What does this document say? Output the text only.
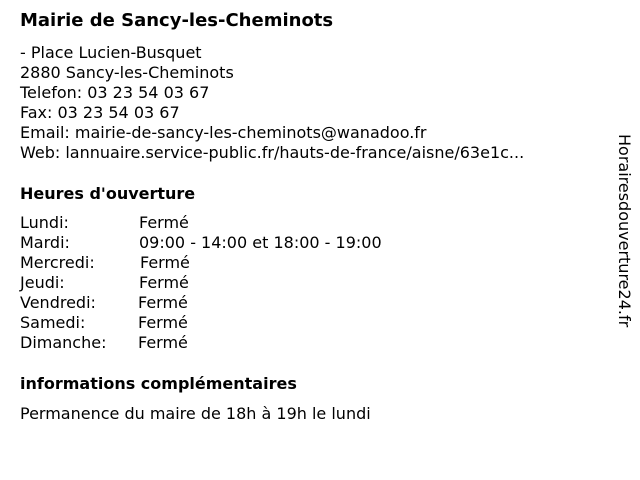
Mairie de Sancy-les-Cheminots
- Place Lucien-Busquet
2880 Sancy-les-Cheminots
Telefon: 03 23 54 03 67
Fax: 03 23 54 03 67
Email: mairie-de-sancy-les-cheminots@wanadoo.fr
Web: lannuaire.service-public.fr/hauts-de-france/aisne/63e1c...
Heures d'ouverture
Lundi:	Fermé
Mardi:	09:00 - 14:00 et 18:00 - 19:00
Mercredi:	Fermé
Jeudi:	Fermé
Vendredi:	Fermé
Samedi:	Fermé
Dimanche:	Fermé
informations complémentaires
Permanence du maire de 18h à 19h le lundi
Horairesdouverture24.fr
